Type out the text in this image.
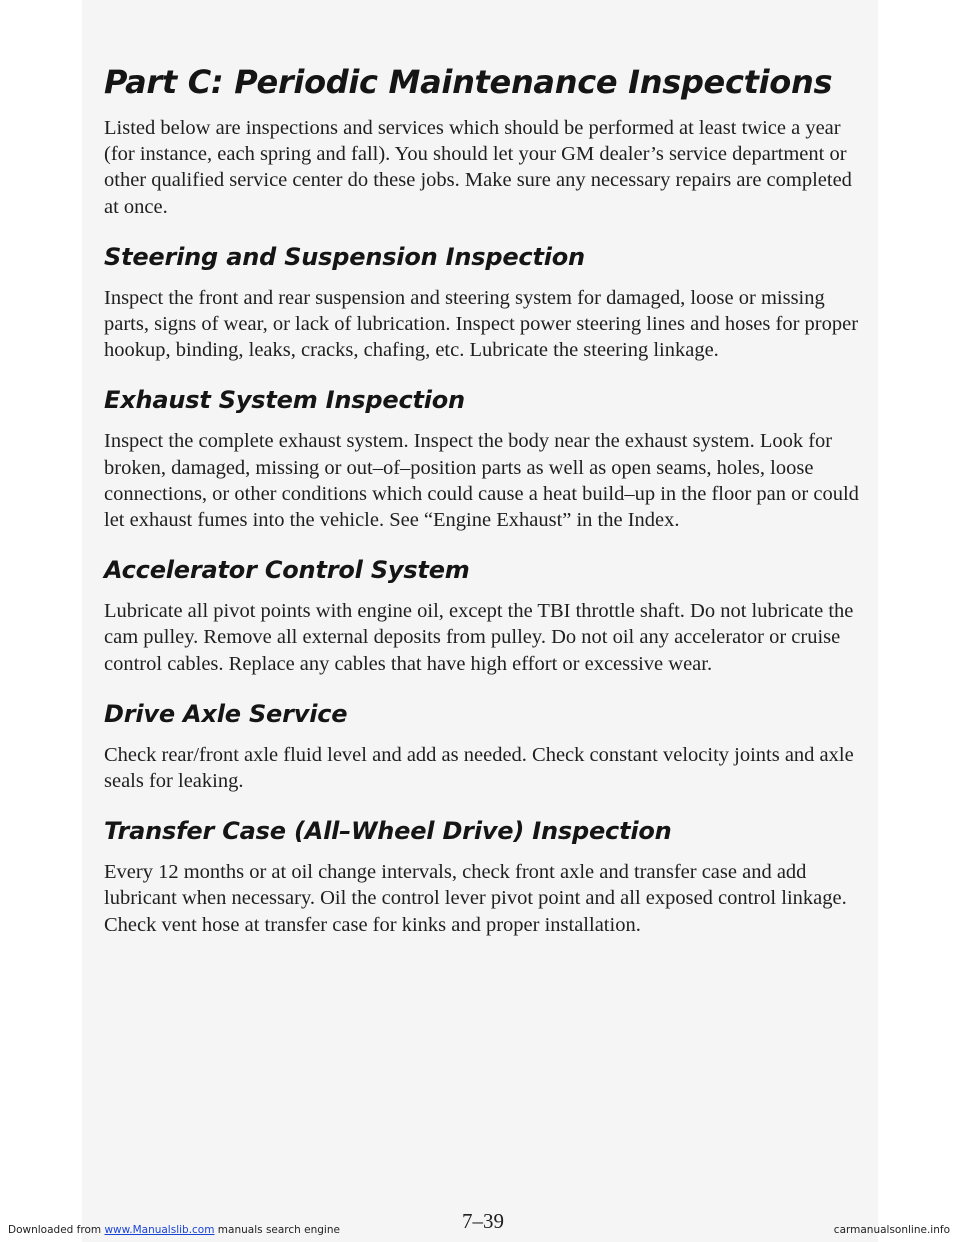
Part C: Periodic Maintenance Inspections

Listed below are inspections and services which should be performed at least twice a year (for instance, each spring and fall). You should let your GM dealer’s service department or other qualified service center do these jobs. Make sure any necessary repairs are completed at once.

Steering and Suspension Inspection

Inspect the front and rear suspension and steering system for damaged, loose or missing parts, signs of wear, or lack of lubrication. Inspect power steering lines and hoses for proper hookup, binding, leaks, cracks, chafing, etc. Lubricate the steering linkage.

Exhaust System Inspection

Inspect the complete exhaust system. Inspect the body near the exhaust system. Look for broken, damaged, missing or out–of–position parts as well as open seams, holes, loose connections, or other conditions which could cause a heat build–up in the floor pan or could let exhaust fumes into the vehicle. See “Engine Exhaust” in the Index.

Accelerator Control System

Lubricate all pivot points with engine oil, except the TBI throttle shaft. Do not lubricate the cam pulley. Remove all external deposits from pulley. Do not oil any accelerator or cruise control cables. Replace any cables that have high effort or excessive wear.

Drive Axle Service

Check rear/front axle fluid level and add as needed. Check constant velocity joints and axle seals for leaking.

Transfer Case (All–Wheel Drive) Inspection

Every 12 months or at oil change intervals, check front axle and transfer case and add lubricant when necessary. Oil the control lever pivot point and all exposed control linkage. Check vent hose at transfer case for kinks and proper installation.

7–39
Downloaded from www.Manualslib.com manuals search engine	carmanualsonline.info
